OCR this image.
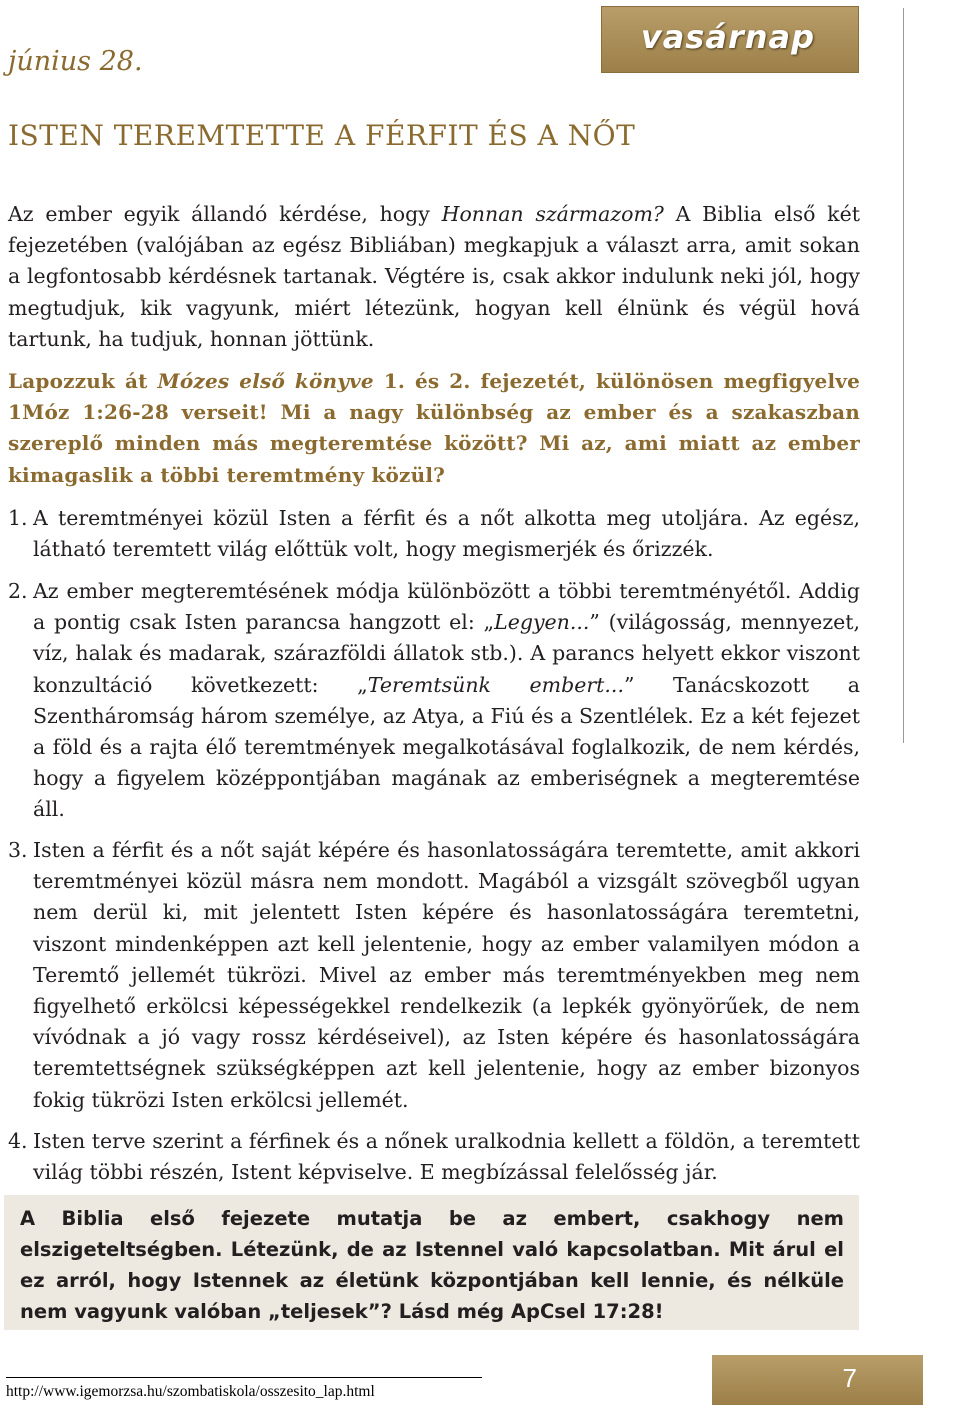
június 28.
vasárnap
ISTEN TEREMTETTE A FÉRFIT ÉS A NŐT

Az ember egyik állandó kérdése, hogy Honnan származom? A Biblia első két fejezetében (valójában az egész Bibliában) megkapjuk a választ arra, amit sokan a legfontosabb kérdésnek tartanak. Végtére is, csak akkor indulunk neki jól, hogy megtudjuk, kik vagyunk, miért létezünk, hogyan kell élnünk és végül hová tartunk, ha tudjuk, honnan jöttünk.

Lapozzuk át Mózes első könyve 1. és 2. fejezetét, különösen megfigyelve 1Móz 1:26-28 verseit! Mi a nagy különbség az ember és a szakaszban szereplő minden más megteremtése között? Mi az, ami miatt az ember kimagaslik a többi teremtmény közül?

1. A teremtményei közül Isten a férfit és a nőt alkotta meg utoljára. Az egész, látható teremtett világ előttük volt, hogy megismerjék és őrizzék.
2. Az ember megteremtésének módja különbözött a többi teremtményétől. Addig a pontig csak Isten parancsa hangzott el: „Legyen...” (világosság, mennyezet, víz, halak és madarak, szárazföldi állatok stb.). A parancs helyett ekkor viszont konzultáció következett: „Teremtsünk embert...” Tanácskozott a Szentháromság három személye, az Atya, a Fiú és a Szentlélek. Ez a két fejezet a föld és a rajta élő teremtmények megalkotásával foglalkozik, de nem kérdés, hogy a figyelem középpontjában magának az emberiségnek a megteremtése áll.
3. Isten a férfit és a nőt saját képére és hasonlatosságára teremtette, amit akkori teremtményei közül másra nem mondott. Magából a vizsgált szövegből ugyan nem derül ki, mit jelentett Isten képére és hasonlatosságára teremtetni, viszont mindenképpen azt kell jelentenie, hogy az ember valamilyen módon a Teremtő jellemét tükrözi. Mivel az ember más teremtményekben meg nem figyelhető erkölcsi képességekkel rendelkezik (a lepkék gyönyörűek, de nem vívódnak a jó vagy rossz kérdéseivel), az Isten képére és hasonlatosságára teremtettségnek szükségképpen azt kell jelentenie, hogy az ember bizonyos fokig tükrözi Isten erkölcsi jellemét.
4. Isten terve szerint a férfinek és a nőnek uralkodnia kellett a földön, a teremtett világ többi részén, Istent képviselve. E megbízással felelősség jár.

A Biblia első fejezete mutatja be az embert, csakhogy nem elszigeteltségben. Létezünk, de az Istennel való kapcsolatban. Mit árul el ez arról, hogy Istennek az életünk központjában kell lennie, és nélküle nem vagyunk valóban „teljesek”? Lásd még ApCsel 17:28!

http://www.igemorzsa.hu/szombatiskola/osszesito_lap.html	7
